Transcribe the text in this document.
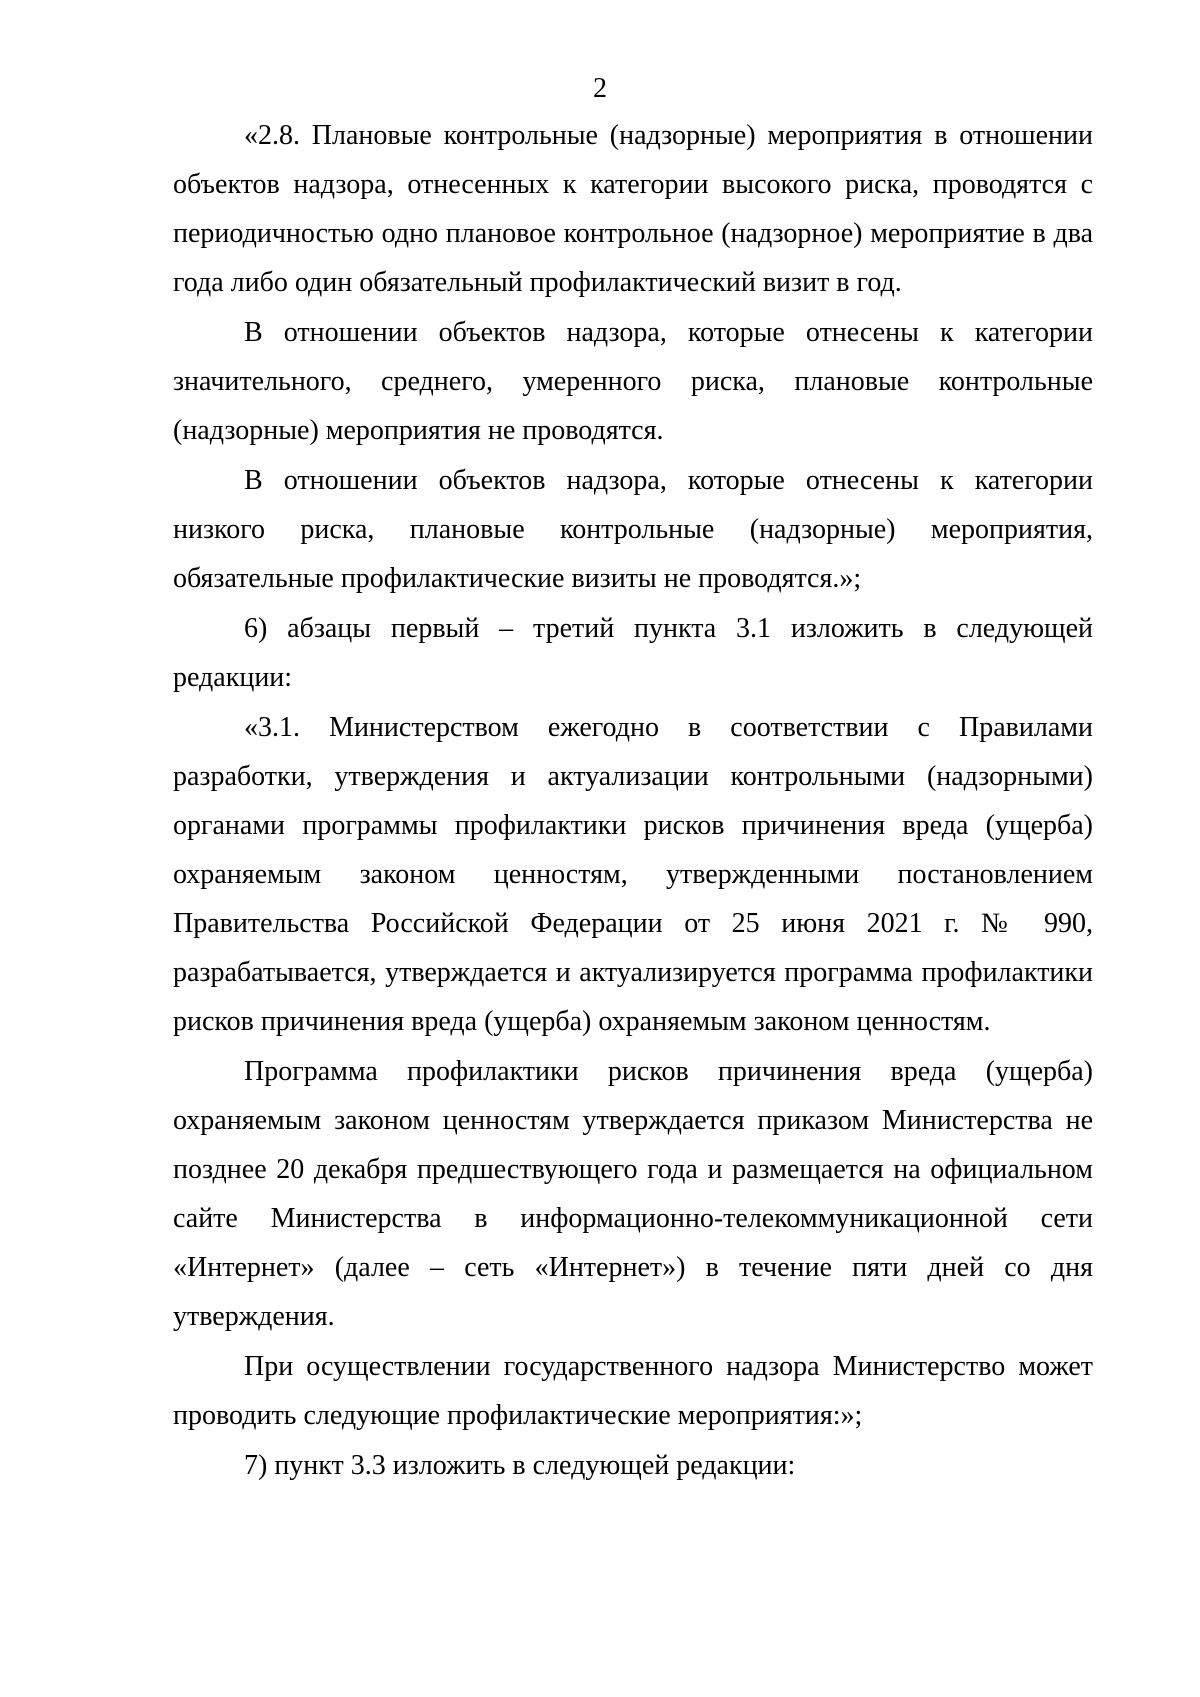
2

«2.8. Плановые контрольные (надзорные) мероприятия в отношении объектов надзора, отнесенных к категории высокого риска, проводятся с периодичностью одно плановое контрольное (надзорное) мероприятие в два года либо один обязательный профилактический визит в год.

В отношении объектов надзора, которые отнесены к категории значительного, среднего, умеренного риска, плановые контрольные (надзорные) мероприятия не проводятся.

В отношении объектов надзора, которые отнесены к категории низкого риска, плановые контрольные (надзорные) мероприятия, обязательные профилактические визиты не проводятся.»;

6) абзацы первый – третий пункта 3.1 изложить в следующей редакции:

«3.1. Министерством ежегодно в соответствии с Правилами разработки, утверждения и актуализации контрольными (надзорными) органами программы профилактики рисков причинения вреда (ущерба) охраняемым законом ценностям, утвержденными постановлением Правительства Российской Федерации от 25 июня 2021 г. № 990, разрабатывается, утверждается и актуализируется программа профилактики рисков причинения вреда (ущерба) охраняемым законом ценностям.

Программа профилактики рисков причинения вреда (ущерба) охраняемым законом ценностям утверждается приказом Министерства не позднее 20 декабря предшествующего года и размещается на официальном сайте Министерства в информационно-телекоммуникационной сети «Интернет» (далее – сеть «Интернет») в течение пяти дней со дня утверждения.

При осуществлении государственного надзора Министерство может проводить следующие профилактические мероприятия:»;

7) пункт 3.3 изложить в следующей редакции:
